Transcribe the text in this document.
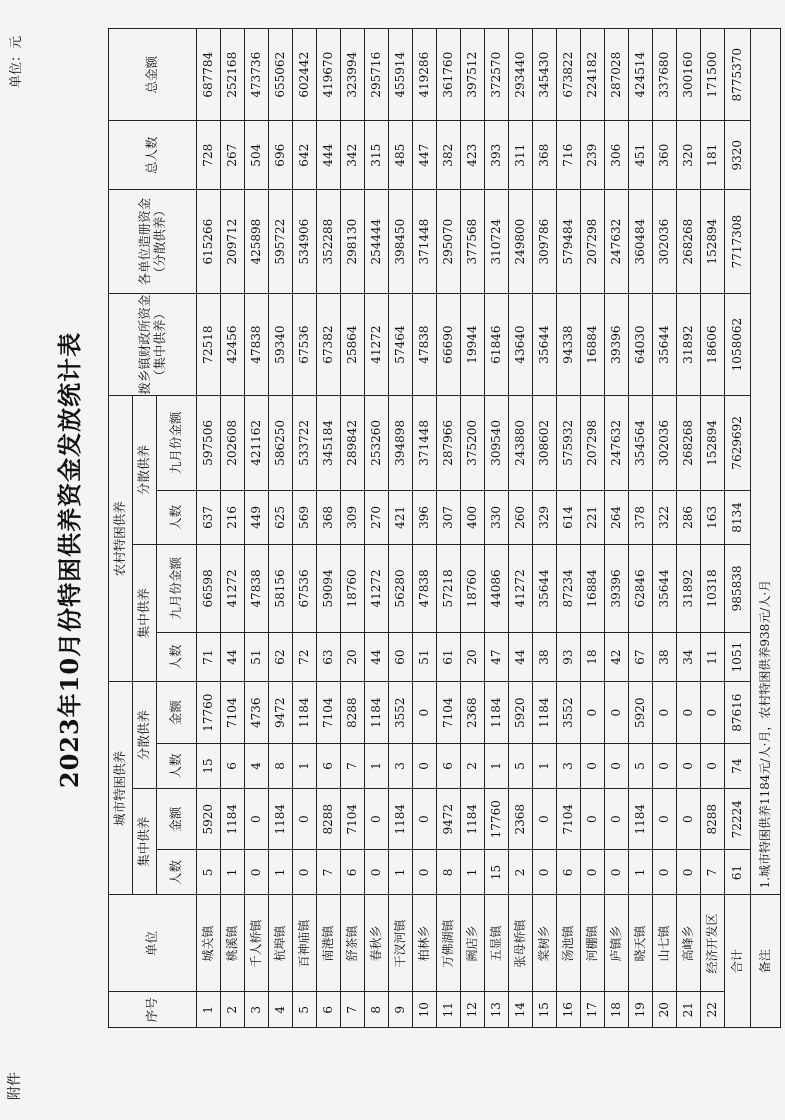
附件
单位：元
2023年10月份特困供养资金发放统计表
序号	单位	城市特困供养				农村特困供养				拨乡镇财政所资金（集中供养）	各单位造册资金（分散供养）	总人数	总金额
		集中供养		分散供养		集中供养		分散供养					
		人数	金额	人数	金额	人数	九月份金额	人数	九月份金额				
1	城关镇	5	5920	15	17760	71	66598	637	597506	72518	615266	728	687784
2	桃溪镇	1	1184	6	7104	44	41272	216	202608	42456	209712	267	252168
3	千人桥镇	0	0	4	4736	51	47838	449	421162	47838	425898	504	473736
4	杭埠镇	1	1184	8	9472	62	58156	625	586250	59340	595722	696	655062
5	百神庙镇	0	0	1	1184	72	67536	569	533722	67536	534906	642	602442
6	南港镇	7	8288	6	7104	63	59094	368	345184	67382	352288	444	419670
7	舒茶镇	6	7104	7	8288	20	18760	309	289842	25864	298130	342	323994
8	春秋乡	0	0	1	1184	44	41272	270	253260	41272	254444	315	295716
9	干汊河镇	1	1184	3	3552	60	56280	421	394898	57464	398450	485	455914
10	柏林乡	0	0	0	0	51	47838	396	371448	47838	371448	447	419286
11	万佛湖镇	8	9472	6	7104	61	57218	307	287966	66690	295070	382	361760
12	阙店乡	1	1184	2	2368	20	18760	400	375200	19944	377568	423	397512
13	五显镇	15	17760	1	1184	47	44086	330	309540	61846	310724	393	372570
14	张母桥镇	2	2368	5	5920	44	41272	260	243880	43640	249800	311	293440
15	棠树乡	0	0	1	1184	38	35644	329	308602	35644	309786	368	345430
16	汤池镇	6	7104	3	3552	93	87234	614	575932	94338	579484	716	673822
17	河棚镇	0	0	0	0	18	16884	221	207298	16884	207298	239	224182
18	庐镇乡	0	0	0	0	42	39396	264	247632	39396	247632	306	287028
19	晓天镇	1	1184	5	5920	67	62846	378	354564	64030	360484	451	424514
20	山七镇	0	0	0	0	38	35644	322	302036	35644	302036	360	337680
21	高峰乡	0	0	0	0	34	31892	286	268268	31892	268268	320	300160
22	经济开发区	7	8288	0	0	11	10318	163	152894	18606	152894	181	171500
合计		61	72224	74	87616	1051	985838	8134	7629692	1058062	7717308	9320	8775370
备注		1.城市特困供养1184元/人·月，农村特困供养938元/人·月											
